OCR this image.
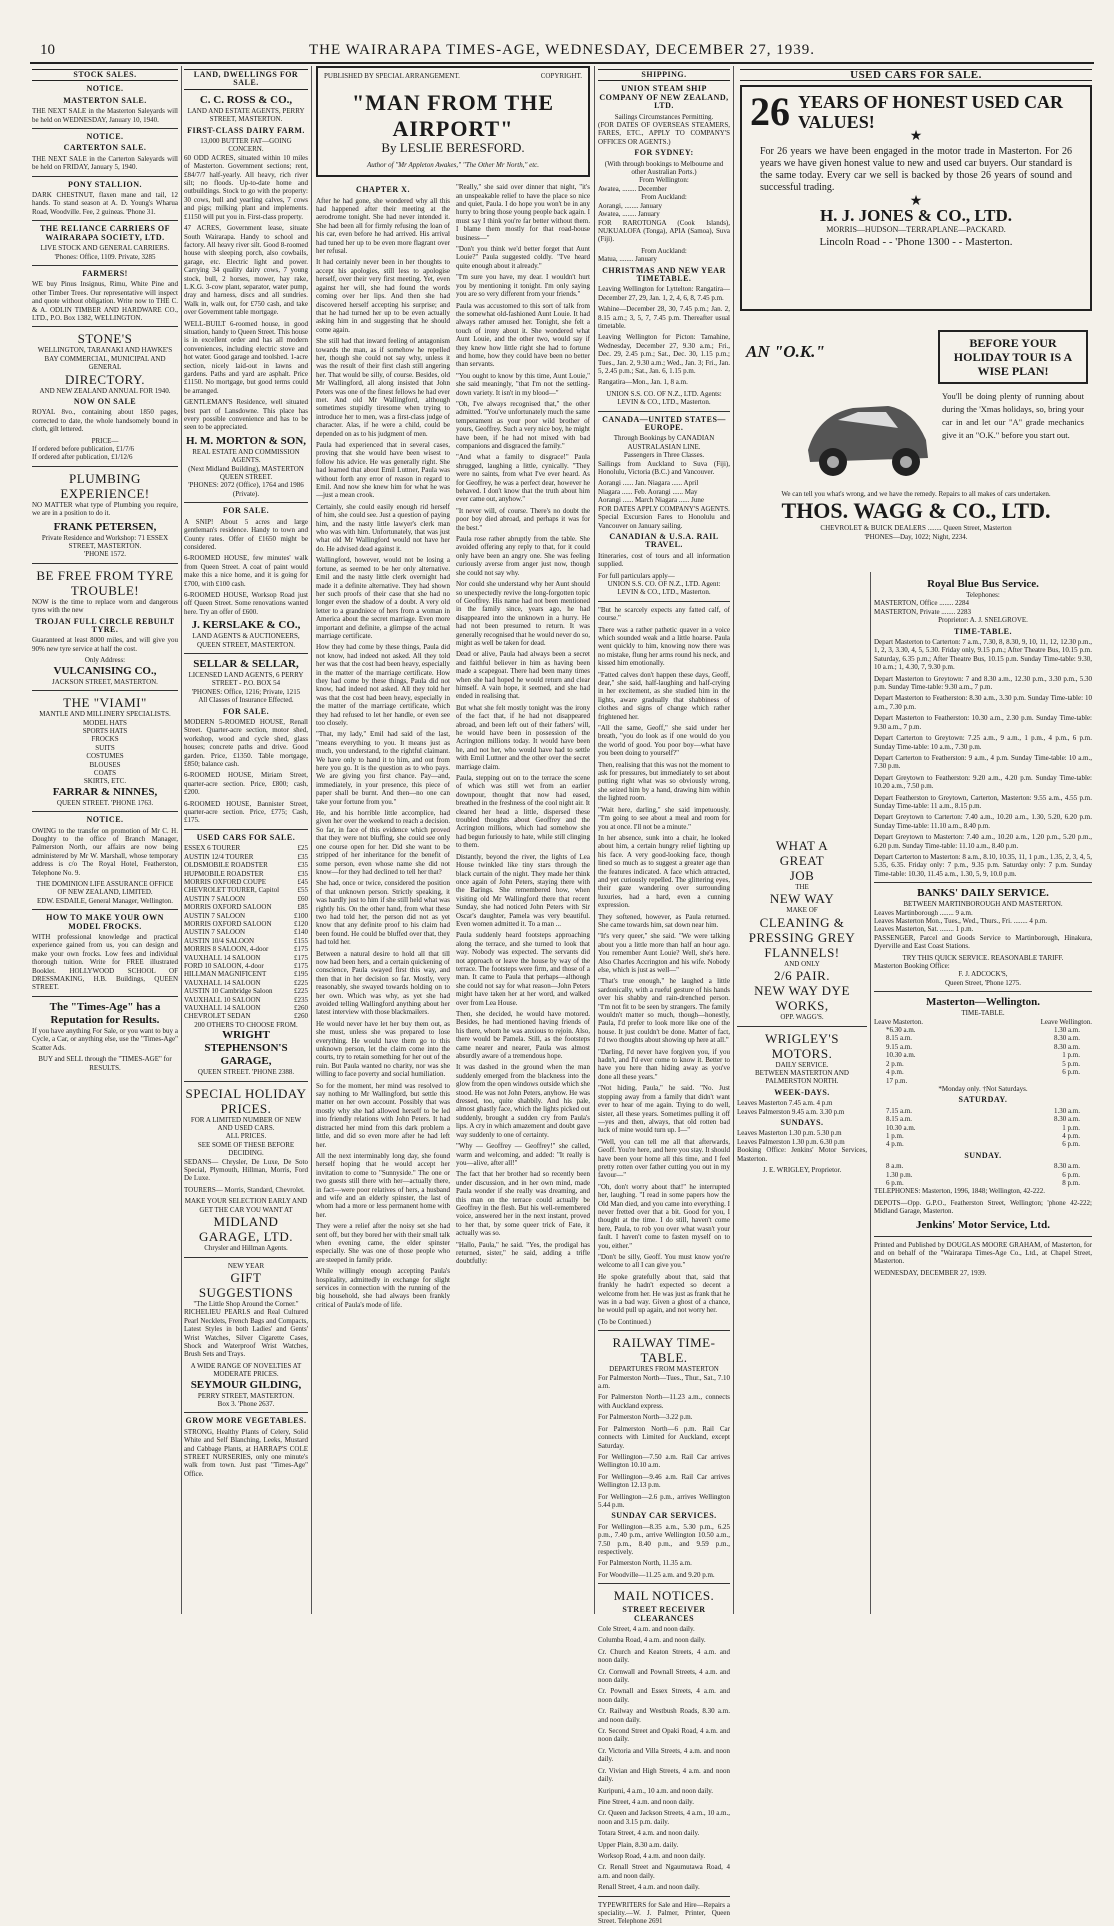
10	THE WAIRARAPA TIMES-AGE, WEDNESDAY, DECEMBER 27, 1939.
STOCK SALES.
NOTICE.
MASTERTON SALE.

THE NEXT SALE in the Masterton Saleyards will be held on WEDNESDAY, January 10, 1940.

NOTICE.
CARTERTON SALE.

THE NEXT SALE in the Carterton Saleyards will be held on FRIDAY, January 5, 1940.

PONY STALLION.

DARK CHESTNUT, flaxen mane and tail, 12 hands. To stand season at A. D. Young's Wharua Road, Woodville. Fee, 2 guineas. 'Phone 31.

THE RELIANCE CARRIERS OF WAIRARAPA SOCIETY, LTD.
LIVE STOCK AND GENERAL CARRIERS.
'Phones: Office, 1109. Private, 3285
FARMERS!

WE buy Pinus Insignus, Rimu, White Pine and other Timber Trees. Our representative will inspect and quote without obligation. Write now to THE C. & A. ODLIN TIMBER AND HARDWARE CO., LTD., P.O. Box 1382, WELLINGTON.

STONE'S
WELLINGTON, TARANAKI AND HAWKE'S BAY COMMERCIAL, MUNICIPAL AND GENERAL
DIRECTORY.
AND NEW ZEALAND ANNUAL FOR 1940.
NOW ON SALE

ROYAL 8vo., containing about 1850 pages, corrected to date, the whole handsomely bound in cloth, gilt lettered.

PRICE—
If ordered before publication, £1/7/6
If ordered after publication, £1/12/6
PLUMBING EXPERIENCE!

NO MATTER what type of Plumbing you require, we are in a position to do it.

FRANK PETERSEN,
Private Residence and Workshop: 71 ESSEX STREET, MASTERTON.
'PHONE 1572.
BE FREE FROM TYRE TROUBLE!

NOW is the time to replace worn and dangerous tyres with the new

TROJAN FULL CIRCLE REBUILT TYRE.

Guaranteed at least 8000 miles, and will give you 90% new tyre service at half the cost.

Only Address:
VULCANISING CO.,
JACKSON STREET, MASTERTON.
THE "VIAMI"
MANTLE AND MILLINERY SPECIALISTS.
MODEL HATS
SPORTS HATS
FROCKS
SUITS
COSTUMES
BLOUSES
COATS
SKIRTS, ETC.
FARRAR & NINNES,
QUEEN STREET. 'PHONE 1763.
NOTICE.

OWING to the transfer on promotion of Mr C. H. Doughty to the office of Branch Manager, Palmerston North, our affairs are now being administered by Mr W. Marshall, whose temporary address is c/o The Royal Hotel, Featherston, Telephone No. 9.

THE DOMINION LIFE ASSURANCE OFFICE OF NEW ZEALAND, LIMITED.
EDW. ESDAILE, General Manager, Wellington.
HOW TO MAKE YOUR OWN MODEL FROCKS.

WITH professional knowledge and practical experience gained from us, you can design and make your own frocks. Low fees and individual thorough tuition. Write for FREE illustrated Booklet. HOLLYWOOD SCHOOL OF DRESSMAKING, H.B. Buildings, QUEEN STREET.

The "Times-Age" has a Reputation for Results.

If you have anything For Sale, or you want to buy a Cycle, a Car, or anything else, use the "Times-Age" Scatter Ads.

BUY and SELL through the "TIMES-AGE" for RESULTS.
LAND, DWELLINGS FOR SALE.
C. C. ROSS & CO.,
LAND AND ESTATE AGENTS, PERRY STREET, MASTERTON.
FIRST-CLASS DAIRY FARM.
13,000 BUTTER FAT—GOING CONCERN.

60 ODD ACRES, situated within 10 miles of Masterton. Government sections; rent, £84/7/7 half-yearly. All heavy, rich river silt; no floods. Up-to-date home and outbuildings. Stock to go with the property: 30 cows, bull and yearling calves, 7 cows and pigs; milking plant and implements. £1150 will put you in. First-class property.

47 ACRES, Government lease, situate South Wairarapa. Handy to school and factory. All heavy river silt. Good 8-roomed house with sleeping porch, also cowbails, garage, etc. Electric light and power. Carrying 34 quality dairy cows, 7 young stock, bull, 2 horses, mower, hay rake, L.K.G. 3-cow plant, separator, water pump, dray and harness, discs and all sundries. Walk in, walk out, for £750 cash, and take over Government table mortgage.

WELL-BUILT 6-roomed house, in good situation, handy to Queen Street. This house is in excellent order and has all modern conveniences, including electric stove and hot water. Good garage and toolshed. 1-acre section, nicely laid-out in lawns and gardens. Paths and yard are asphalt. Price £1150. No mortgage, but good terms could be arranged.

GENTLEMAN'S Residence, well situated best part of Lansdowne. This place has every possible convenience and has to be seen to be appreciated.

H. M. MORTON & SON,
REAL ESTATE AND COMMISSION AGENTS.
(Next Midland Building), MASTERTON QUEEN STREET.
'PHONES: 2072 (Office), 1764 and 1986 (Private).
FOR SALE.

A SNIP! About 5 acres and large gentleman's residence. Handy to town and County rates. Offer of £1650 might be considered.

6-ROOMED HOUSE, few minutes' walk from Queen Street. A coat of paint would make this a nice home, and it is going for £700, with £100 cash.

6-ROOMED HOUSE, Worksop Road just off Queen Street. Some renovations wanted here. Try an offer of £600.

J. KERSLAKE & CO.,
LAND AGENTS & AUCTIONEERS, QUEEN STREET, MASTERTON.
SELLAR & SELLAR,
LICENSED LAND AGENTS, 6 PERRY STREET - P.O. BOX 54
'PHONES: Office, 1216; Private, 1215
All Classes of Insurance Effected.
FOR SALE.

MODERN 5-ROOMED HOUSE, Renall Street. Quarter-acre section, motor shed, workshop, wood and cycle shed, glass houses; concrete paths and drive. Good garden. Price, £1350. Table mortgage, £850; balance cash.

6-ROOMED HOUSE, Miriam Street, quarter-acre section. Price, £800; cash, £200.

6-ROOMED HOUSE, Bannister Street, quarter-acre section. Price, £775; Cash, £175.

USED CARS FOR SALE.
ESSEX 6 TOURER	£25
AUSTIN 12/4 TOURER	£35
OLDSMOBILE ROADSTER	£35
HUPMOBILE ROADSTER	£35
MORRIS OXFORD COUPE	£45
CHEVROLET TOURER, Capitol	£55
AUSTIN 7 SALOON	£60
MORRIS OXFORD SALOON	£85
AUSTIN 7 SALOON	£100
MORRIS OXFORD SALOON	£120
AUSTIN 7 SALOON	£140
AUSTIN 10/4 SALOON	£155
MORRIS 8 SALOON, 4-door	£175
VAUXHALL 14 SALOON	£175
FORD 10 SALOON, 4-door	£175
HILLMAN MAGNIFICENT	£195
VAUXHALL 14 SALOON	£225
AUSTIN 10 Cambridge Saloon	£225
VAUXHALL 10 SALOON	£235
VAUXHALL 14 SALOON	£260
CHEVROLET SEDAN	£260
200 OTHERS TO CHOOSE FROM.
WRIGHT STEPHENSON'S GARAGE,
QUEEN STREET. 'PHONE 2388.
SPECIAL HOLIDAY PRICES.
FOR A LIMITED NUMBER OF NEW AND USED CARS.
ALL PRICES.
SEE SOME OF THESE BEFORE DECIDING.

SEDANS— Chrysler, De Luxe, De Soto Special, Plymouth, Hillman, Morris, Ford De Luxe.

TOURERS— Morris, Standard, Chevrolet.

MAKE YOUR SELECTION EARLY AND GET THE CAR YOU WANT AT
MIDLAND GARAGE, LTD.
Chrysler and Hillman Agents.
NEW YEAR
GIFT SUGGESTIONS
"The Little Shop Around the Corner."

RICHELIEU PEARLS and Real Cultured Pearl Necklets, French Bags and Compacts, Latest Styles in both Ladies' and Gents' Wrist Watches, Silver Cigarette Cases, Shock and Waterproof Wrist Watches, Brush Sets and Trays.

A WIDE RANGE OF NOVELTIES AT MODERATE PRICES.
SEYMOUR GILDING,
PERRY STREET, MASTERTON.
Box 3. 'Phone 2637.
GROW MORE VEGETABLES.

STRONG, Healthy Plants of Celery, Solid White and Self Blanching, Leeks, Mustard and Cabbage Plants, at HARRAP'S COLE STREET NURSERIES, only one minute's walk from town. Just past "Times-Age" Office.

PUBLISHED BY SPECIAL ARRANGEMENT.	COPYRIGHT.
"MAN FROM THE AIRPORT"
By LESLIE BERESFORD.
Author of "Mr Appleton Awakes," "The Other Mr North," etc.
CHAPTER X.

After he had gone, she wondered why all this had happened after their meeting at the aerodrome tonight. She had never intended it. She had been all for firmly refusing the loan of his car, even before he had arrived. His arrival had tuned her up to be even more flagrant over her refusal.

It had certainly never been in her thoughts to accept his apologies, still less to apologise herself, over their very first meeting. Yet, even against her will, she had found the words coming over her lips. And then she had discovered herself accepting his surprise; and that he had turned her up to be even actually asking him in and suggesting that he should come again.

She still had that inward feeling of antagonism towards the man, as if somehow he repelled her, though she could not say why, unless it was the result of their first clash still angering her. That would be silly, of course. Besides, old Mr Wallingford, all along insisted that John Peters was one of the finest fellows he had ever met. And old Mr Wallingford, although sometimes stupidly tiresome when trying to introduce her to men, was a first-class judge of character. Alas, if he were a child, could be depended on as to his judgment of men.

Paula had experienced that in several cases, proving that she would have been wisest to follow his advice. He was generally right. She had learned that about Emil Luttner, Paula was without forth any error of reason in regard to Emil. And now she knew him for what he was—just a mean crook.

Certainly, she could easily enough rid herself of him, she could see. Just a question of paying him, and the nasty little lawyer's clerk man who was with him. Unfortunately, that was just what old Mr Wallingford would not have her do. He advised dead against it.

Wallingford, however, would not be losing a fortune, as seemed to be her only alternative. Emil and the nasty little clerk overnight had made it a definite alternative. They had shown her such proofs of their case that she had no longer even the shadow of a doubt. A very old letter to a grandniece of hers from a woman in America about the secret marriage. Even more important and definite, a glimpse of the actual marriage certificate.

How they had come by these things, Paula did not know, had indeed not asked. All they told her was that the cost had been heavy, especially in the matter of the marriage certificate. How they had come by these things, Paula did not know, had indeed not asked. All they told her was that the cost had been heavy, especially in the matter of the marriage certificate, which they had refused to let her handle, or even see too closely.

"That, my lady," Emil had said of the last, "means everything to you. It means just as much, you understand, to the rightful claimant. We have only to hand it to him, and out from here you go. It is the question as to who pays. We are giving you first chance. Pay—and, immediately, in your presence, this piece of paper shall be burnt. And then—no one can take your fortune from you."

He, and his horrible little accomplice, had given her over the weekend to reach a decision. So far, in face of this evidence which proved that they were not bluffing, she could see only one course open for her. Did she want to be stripped of her inheritance for the benefit of some person, even whose name she did not know—for they had declined to tell her that?

She had, once or twice, considered the position of that unknown person. Strictly speaking, it was hardly just to him if she still held what was rightly his. On the other hand, from what these two had told her, the person did not as yet know that any definite proof to his claim had been found. He could be bluffed over that, they had told her.

Between a natural desire to hold all that till now had been hers, and a certain quickening of conscience, Paula swayed first this way, and then that in her decision so far. Mostly, very reasonably, she swayed towards holding on to her own. Which was why, as yet she had avoided telling Wallingford anything about her latest interview with those blackmailers.

He would never have let her buy them out, as she must, unless she was prepared to lose everything. He would have them go to this unknown person, let the claim come into the courts, try to retain something for her out of the ruin. But Paula wanted no charity, nor was she willing to face poverty and social humiliation.

So for the moment, her mind was resolved to say nothing to Mr Wallingford, but settle this matter on her own account. Possibly that was mostly why she had allowed herself to be led into friendly relations with John Peters. It had distracted her mind from this dark problem a little, and did so even more after he had left her.

All the next interminably long day, she found herself hoping that he would accept her invitation to come to "Sunnyside." The one or two guests still there with her—actually there, in fact—were poor relatives of hers, a husband and wife and an elderly spinster, the last of whom had a more or less permanent home with her.

They were a relief after the noisy set she had sent off, but they bored her with their small talk when evening came, the elder spinster especially. She was one of those people who are steeped in family pride.

While willingly enough accepting Paula's hospitality, admittedly in exchange for slight services in connection with the running of the big household, she had always been frankly critical of Paula's mode of life.

"Really," she said over dinner that night, "it's an unspeakable relief to have the place so nice and quiet, Paula. I do hope you won't be in any hurry to bring those young people back again. I must say I think you're far better without them. I blame them mostly for that road-house business—"

"Don't you think we'd better forget that Aunt Louie?" Paula suggested coldly. "I've heard quite enough about it already."

"I'm sure you have, my dear. I wouldn't hurt you by mentioning it tonight. I'm only saying you are so very different from your friends."

Paula was accustomed to this sort of talk from the somewhat old-fashioned Aunt Louie. It had always rather amused her. Tonight, she felt a touch of irony about it. She wondered what Aunt Louie, and the other two, would say if they knew how little right she had to fortune and home, how they could have been no better than servants.

"You ought to know by this time, Aunt Louie," she said meaningly, "that I'm not the settling-down variety. It isn't in my blood—"

"Oh, I've always recognised that," the other admitted. "You've unfortunately much the same temperament as your poor wild brother of yours, Geoffrey. Such a very nice boy, he might have been, if he had not mixed with bad companions and disgraced the family."

"And what a family to disgrace!" Paula shrugged, laughing a little, cynically. "They were no saints, from what I've ever heard. As for Geoffrey, he was a perfect dear, however he behaved. I don't know that the truth about him ever came out, anyhow."

"It never will, of course. There's no doubt the poor boy died abroad, and perhaps it was for the best."

Paula rose rather abruptly from the table. She avoided offering any reply to that, for it could only have been an angry one. She was feeling curiously averse from anger just now, though she could not say why.

Nor could she understand why her Aunt should so unexpectedly revive the long-forgotten topic of Geoffrey. His name had not been mentioned in the family since, years ago, he had disappeared into the unknown in a hurry. He had not been presumed to return. It was generally recognised that he would never do so, might as well be taken for dead.

Dead or alive, Paula had always been a secret and faithful believer in him as having been made a scapegoat. There had been many times when she had hoped he would return and clear himself. A vain hope, it seemed, and she had ended in realising that.

But what she felt mostly tonight was the irony of the fact that, if he had not disappeared abroad, and been left out of their fathers' will, he would have been in possession of the Acrington millions today. It would have been he, and not her, who would have had to settle with Emil Luttner and the other over the secret marriage claim.

Paula, stepping out on to the terrace the scene of which was still wet from an earlier downpour, thought that now had eased, breathed in the freshness of the cool night air. It cleared her head a little, dispersed these troubled thoughts about Geoffrey and the Acrington millions, which had somehow she had begun furiously to hate, while still clinging to them.

Distantly, beyond the river, the lights of Lea House twinkled like tiny stars through the black curtain of the night. They made her think once again of John Peters, staying there with the Barings. She remembered how, when visiting old Mr Wallingford there that recent Sunday, she had noticed John Peters with Sir Oscar's daughter, Pamela was very beautiful. Even women admitted it. To a man ...

Paula suddenly heard footsteps approaching along the terrace, and she turned to look that way. Nobody was expected. The servants did not approach or leave the house by way of the terrace. The footsteps were firm, and those of a man. It came to Paula that perhaps—although she could not say for what reason—John Peters might have taken her at her word, and walked over from Lea House.

Then, she decided, he would have motored. Besides, he had mentioned having friends of his there, whom he was anxious to rejoin. Also, there would be Pamela. Still, as the footsteps came nearer and nearer, Paula was almost absurdly aware of a tremendous hope.

It was dashed in the ground when the man suddenly emerged from the blackness into the glow from the open windows outside which she stood. He was not John Peters, anyhow. He was dressed, too, quite shabbily. And his pale, almost ghastly face, which the lights picked out suddenly, brought a sudden cry from Paula's lips. A cry in which amazement and doubt gave way suddenly to one of certainty.

"Why — Geoffrey — Geoffrey!" she called, warm and welcoming, and added: "It really is you—alive, after all!"

The fact that her brother had so recently been under discussion, and in her own mind, made Paula wonder if she really was dreaming, and this man on the terrace could actually be Geoffrey in the flesh. But his well-remembered voice, answered her in the next instant, proved to her that, by some queer trick of Fate, it actually was so.

"Hallo, Paula," he said. "Yes, the prodigal has returned, sister," he said, adding a trifle doubtfully:

SHIPPING.
UNION STEAM SHIP COMPANY OF NEW ZEALAND, LTD.
Sailings Circumstances Permitting.

(FOR DATES OF OVERSEAS STEAMERS, FARES, ETC., APPLY TO COMPANY'S OFFICES OR AGENTS.)

FOR SYDNEY:
(With through bookings to Melbourne and other Australian Ports.)
From Wellington:
Awatea, ........ December
From Auckland:
Aorangi, ........ January
Awatea, ........ January

FOR RAROTONGA (Cook Islands), NUKUALOFA (Tonga), APIA (Samoa), Suva (Fiji).

From Auckland:
Matua, ........ January
CHRISTMAS AND NEW YEAR TIMETABLE.

Leaving Wellington for Lyttelton: Rangatira—December 27, 29, Jan. 1, 2, 4, 6, 8, 7.45 p.m.

Wahine—December 28, 30, 7.45 p.m.; Jan. 2, 8.15 a.m.; 3, 5, 7, 7.45 p.m. Thereafter usual timetable.

Leaving Wellington for Picton: Tamahine, Wednesday, December 27, 9.30 a.m.; Fri., Dec. 29, 2.45 p.m.; Sat., Dec. 30, 1.15 p.m.; Tues., Jan. 2, 9.30 a.m.; Wed., Jan. 3; Fri., Jan. 5, 2.45 p.m.; Sat., Jan. 6, 1.15 p.m.

Rangatira—Mon., Jan. 1, 8 a.m.

UNION S.S. CO. OF N.Z., LTD. Agents:
LEVIN & CO., LTD., Masterton.
CANADA—UNITED STATES—EUROPE.
Through Bookings by CANADIAN AUSTRALASIAN LINE.
Passengers in Three Classes.

Sailings from Auckland to Suva (Fiji), Honolulu, Victoria (B.C.) and Vancouver.

Aorangi ...... Jan. Niagara ...... April
Niagara ...... Feb. Aorangi ...... May
Aorangi ...... March Niagara ...... June
FOR DATES APPLY COMPANY'S AGENTS.

Special Excursion Fares to Honolulu and Vancouver on January sailing.

CANADIAN & U.S.A. RAIL TRAVEL.

Itineraries, cost of tours and all information supplied.

For full particulars apply—
UNION S.S. CO. OF N.Z., LTD. Agent: LEVIN & CO., LTD., Masterton.

"But he scarcely expects any fatted calf, of course."

There was a rather pathetic quaver in a voice which sounded weak and a little hoarse. Paula went quickly to him, knowing now there was no mistake, flung her arms round his neck, and kissed him emotionally.

"Fatted calves don't happen these days, Geoff, dear," she said, half-laughing and half-crying in her excitement, as she studied him in the lights, aware gradually that shabbiness of clothes and signs of change which rather frightened her.

"All the same, Geoff," she said under her breath, "you do look as if one would do you the world of good. You poor boy—what have you been doing to yourself?"

Then, realising that this was not the moment to ask for pressures, but immediately to set about putting right what was so obviously wrong, she seized him by a hand, drawing him within the lighted room.

"Wait here, darling," she said impetuously. "I'm going to see about a meal and room for you at once. I'll not be a minute."

In her absence, sunk into a chair, he looked about him, a certain hungry relief lighting up his face. A very good-looking face, though lined so much as to suggest a greater age than the features indicated. A face which attracted, and yet curiously repelled. The glittering eyes, their gaze wandering over surrounding luxuries, had a hard, even a cunning expression.

They softened, however, as Paula returned. She came towards him, sat down near him.

"It's very queer," she said. "We were talking about you a little more than half an hour ago. You remember Aunt Louie? Well, she's here. Also Charles Accrington and his wife. Nobody else, which is just as well—"

"That's true enough," he laughed a little sardonically, with a rueful gesture of his hands over his shabby and rain-drenched person. "I'm not fit to be seen by strangers. The family wouldn't matter so much, though—honestly, Paula, I'd prefer to look more like one of the house. It just couldn't be done. Matter of fact, I'd two thoughts about showing up here at all."

"Darling, I'd never have forgiven you, if you hadn't, and I'd ever come to know it. Better to have you here than hiding away as you've done all these years."

"Not hiding, Paula," he said. "No. Just stopping away from a family that didn't want ever to hear of me again. Trying to do well, sister, all these years. Sometimes pulling it off—yes and then, always, that old rotten bad luck of mine would turn up. I—"

"Well, you can tell me all that afterwards, Geoff. You're here, and here you stay. It should have been your home all this time, and I feel pretty rotten over father cutting you out in my favour—"

"Oh, don't worry about that!" he interrupted her, laughing. "I read in some papers how the Old Man died, and you came into everything. I never fretted over that a bit. Good for you, I thought at the time. I do still, haven't come here, Paula, to rob you over what wasn't your fault. I haven't come to fasten myself on to you, either."

"Don't be silly, Geoff. You must know you're welcome to all I can give you."

He spoke gratefully about that, said that frankly he hadn't expected so decent a welcome from her. He was just as frank that he was in a bad way. Given a ghost of a chance, he would pull up again, and not worry her.

(To be Continued.)

RAILWAY TIME-TABLE.
DEPARTURES FROM MASTERTON

For Palmerston North—Tues., Thur., Sat., 7.10 a.m.

For Palmerston North—11.23 a.m., connects with Auckland express.

For Palmerston North—3.22 p.m.

For Palmerston North—6 p.m. Rail Car connects with Limited for Auckland, except Saturday.

For Wellington—7.50 a.m. Rail Car arrives Wellington 10.10 a.m.

For Wellington—9.46 a.m. Rail Car arrives Wellington 12.13 p.m.

For Wellington—2.6 p.m., arrives Wellington 5.44 p.m.

SUNDAY CAR SERVICES.

For Wellington—8.35 a.m., 5.30 p.m., 6.25 p.m., 7.40 p.m., arrive Wellington 10.50 a.m., 7.50 p.m., 8.40 p.m., and 9.59 p.m., respectively.

For Palmerston North, 11.35 a.m.

For Woodville—11.25 a.m. and 9.20 p.m.

MAIL NOTICES.
STREET RECEIVER CLEARANCES

Cole Street, 4 a.m. and noon daily.

Columba Road, 4 a.m. and noon daily.

Cr. Church and Keaton Streets, 4 a.m. and noon daily.

Cr. Cornwall and Pownall Streets, 4 a.m. and noon daily.

Cr. Pownall and Essex Streets, 4 a.m. and noon daily.

Cr. Railway and Westbush Roads, 8.30 a.m. and noon daily.

Cr. Second Street and Opaki Road, 4 a.m. and noon daily.

Cr. Victoria and Villa Streets, 4 a.m. and noon daily.

Cr. Vivian and High Streets, 4 a.m. and noon daily.

Kuripuni, 4 a.m., 10 a.m. and noon daily.

Pine Street, 4 a.m. and noon daily.

Cr. Queen and Jackson Streets, 4 a.m., 10 a.m., noon and 3.15 p.m. daily.

Totara Street, 4 a.m. and noon daily.

Upper Plain, 8.30 a.m. daily.

Worksop Road, 4 a.m. and noon daily.

Cr. Renall Street and Ngaumutawa Road, 4 a.m. and noon daily.

Renall Street, 4 a.m. and noon daily.

TYPEWRITERS for Sale and Hire—Repairs a speciality.—W. J. Palmer, Printer, Queen Street. Telephone 2691

WHAT A
GREAT
JOB
THE
NEW WAY
MAKE OF
CLEANING & PRESSING GREY FLANNELS!
AND ONLY
2/6 PAIR.
NEW WAY DYE WORKS,
OPP. WAGG'S.
WRIGLEY'S MOTORS.
DAILY SERVICE.
BETWEEN MASTERTON AND PALMERSTON NORTH.
WEEK-DAYS.
Leaves Masterton 7.45 a.m. 4 p.m
Leaves Palmerston 9.45 a.m. 3.30 p.m
SUNDAYS.
Leaves Masterton 1.30 p.m. 5.30 p.m
Leaves Palmerston 1.30 p.m. 6.30 p.m

Booking Office: Jenkins' Motor Services, Masterton.

J. E. WRIGLEY, Proprietor.
USED CARS FOR SALE.
26 YEARS OF HONEST USED CAR VALUES!
★

For 26 years we have been engaged in the motor trade in Masterton. For 26 years we have given honest value to new and used car buyers. Our standard is the same today. Every car we sell is backed by those 26 years of sound and successful trading.

★
H. J. JONES & CO., LTD.
MORRIS—HUDSON—TERRAPLANE—PACKARD.
Lincoln Road - - 'Phone 1300 - - Masterton.
AN "O.K."	BEFORE YOUR HOLIDAY TOUR IS A WISE PLAN!

You'll be doing plenty of running about during the 'Xmas holidays, so, bring your car in and let our "A" grade mechanics give it an "O.K." before you start out.

We can tell you what's wrong, and we have the remedy. Repairs to all makes of cars undertaken.
THOS. WAGG & CO., LTD.
CHEVROLET & BUICK DEALERS ........ Queen Street, Masterton
'PHONES—Day, 1022; Night, 2234.
Royal Blue Bus Service.
Telephones:
MASTERTON, Office ........ 2284
MASTERTON, Private ........ 2283
Proprietor: A. J. SNELGROVE.
TIME-TABLE.

Depart Masterton to Carterton: 7 a.m., 7.30, 8, 8.30, 9, 10, 11, 12, 12.30 p.m., 1, 2, 3, 3.30, 4, 5, 5.30. Friday only, 9.15 p.m.; After Theatre Bus, 10.15 p.m. Saturday, 6.35 p.m.; After Theatre Bus, 10.15 p.m. Sunday Time-table: 9.30, 10 a.m.; 1, 4.30, 7, 9.30 p.m.

Depart Masterton to Greytown: 7 and 8.30 a.m., 12.30 p.m., 3.30 p.m., 5.30 p.m. Sunday Time-table: 9.30 a.m., 7 p.m.

Depart Masterton to Featherston: 8.30 a.m., 3.30 p.m. Sunday Time-table: 10 a.m., 7.30 p.m.

Depart Masterton to Featherston: 10.30 a.m., 2.30 p.m. Sunday Time-table: 9.30 a.m., 7 p.m.

Depart Carterton to Greytown: 7.25 a.m., 9 a.m., 1 p.m., 4 p.m., 6 p.m. Sunday Time-table: 10 a.m., 7.30 p.m.

Depart Carterton to Featherston: 9 a.m., 4 p.m. Sunday Time-table: 10 a.m., 7.30 p.m.

Depart Greytown to Featherston: 9.20 a.m., 4.20 p.m. Sunday Time-table: 10.20 a.m., 7.50 p.m.

Depart Featherston to Greytown, Carterton, Masterton: 9.55 a.m., 4.55 p.m. Sunday Time-table: 11 a.m., 8.15 p.m.

Depart Greytown to Carterton: 7.40 a.m., 10.20 a.m., 1.30, 5.20, 6.20 p.m. Sunday Time-table: 11.10 a.m., 8.40 p.m.

Depart Greytown to Masterton: 7.40 a.m., 10.20 a.m., 1.20 p.m., 5.20 p.m., 6.20 p.m. Sunday Time-table: 11.10 a.m., 8.40 p.m.

Depart Carterton to Masterton: 8 a.m., 8.10, 10.35, 11, 1 p.m., 1.35, 2, 3, 4, 5, 5.35, 6.35. Friday only: 7 p.m., 9.35 p.m. Saturday only: 7 p.m. Sunday Time-table: 10.30, 11.45 a.m., 1.30, 5, 9, 10.0 p.m.

BANKS' DAILY SERVICE.
BETWEEN MARTINBOROUGH AND MASTERTON.
Leaves Martinborough ........ 9 a.m.
Leaves Masterton Mon., Tues., Wed., Thurs., Fri. ........ 4 p.m.
Leaves Masterton, Sat. ........ 1 p.m.

PASSENGER, Parcel and Goods Service to Martinborough, Hinakura, Dyerville and East Coast Stations.

TRY THIS QUICK SERVICE. REASONABLE TARIFF.
Masterton Booking Office:
F. J. ADCOCK'S,
Queen Street, 'Phone 1275.
Masterton—Wellington.
TIME-TABLE.
Leave Masterton.	Leave Wellington.
*6.30 a.m.	1.30 a.m.
8.15 a.m.	8.30 a.m.
9.15 a.m.	8.30 a.m.
10.30 a.m.	1 p.m.
2 p.m.	5 p.m.
4 p.m.	6 p.m.
17 p.m.
*Monday only. †Not Saturdays.
SATURDAY.
7.15 a.m.	1.30 a.m.
8.15 a.m.	8.30 a.m.
10.30 a.m.	1 p.m.
1 p.m.	4 p.m.
4 p.m.	6 p.m.
SUNDAY.
8 a.m.	8.30 a.m.
1.30 p.m.	6 p.m.
6 p.m.	8 p.m.

TELEPHONES: Masterton, 1996, 1848; Wellington, 42-222.

DEPOTS—Opp. G.P.O., Featherston Street, Wellington; 'phone 42-222; Midland Garage, Masterton.

Jenkins' Motor Service, Ltd.

Printed and Published by DOUGLAS MOORE GRAHAM, of Masterton, for and on behalf of the "Wairarapa Times-Age Co., Ltd., at Chapel Street, Masterton.

WEDNESDAY, DECEMBER 27, 1939.
